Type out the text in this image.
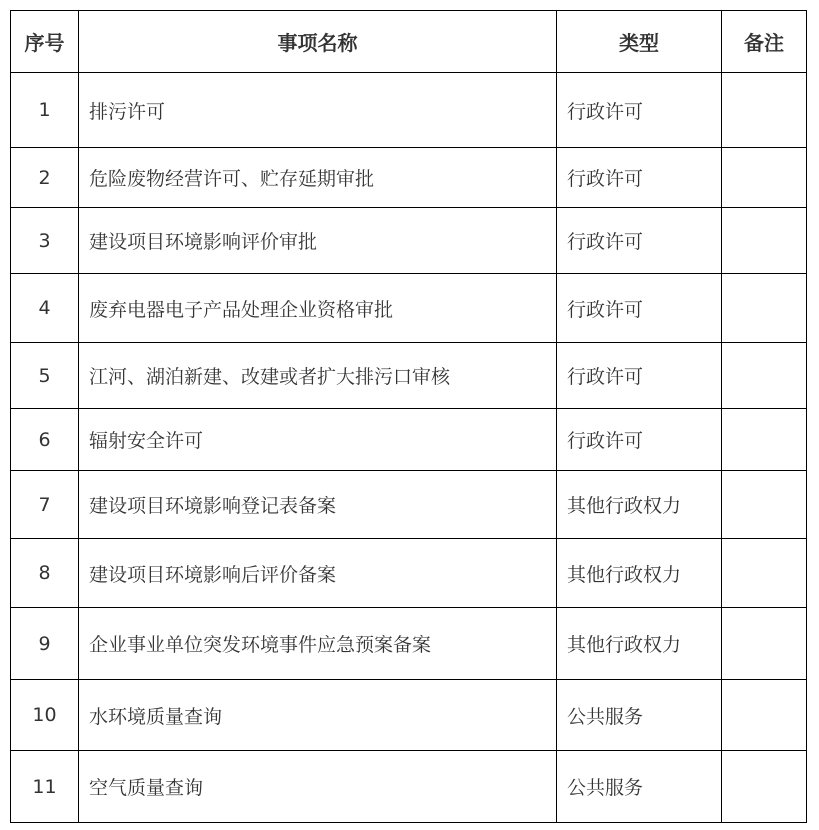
序号	事项名称	类型	备注
1	排污许可	行政许可	
2	危险废物经营许可、贮存延期审批	行政许可	
3	建设项目环境影响评价审批	行政许可	
4	废弃电器电子产品处理企业资格审批	行政许可	
5	江河、湖泊新建、改建或者扩大排污口审核	行政许可	
6	辐射安全许可	行政许可	
7	建设项目环境影响登记表备案	其他行政权力	
8	建设项目环境影响后评价备案	其他行政权力	
9	企业事业单位突发环境事件应急预案备案	其他行政权力	
10	水环境质量查询	公共服务	
11	空气质量查询	公共服务	
